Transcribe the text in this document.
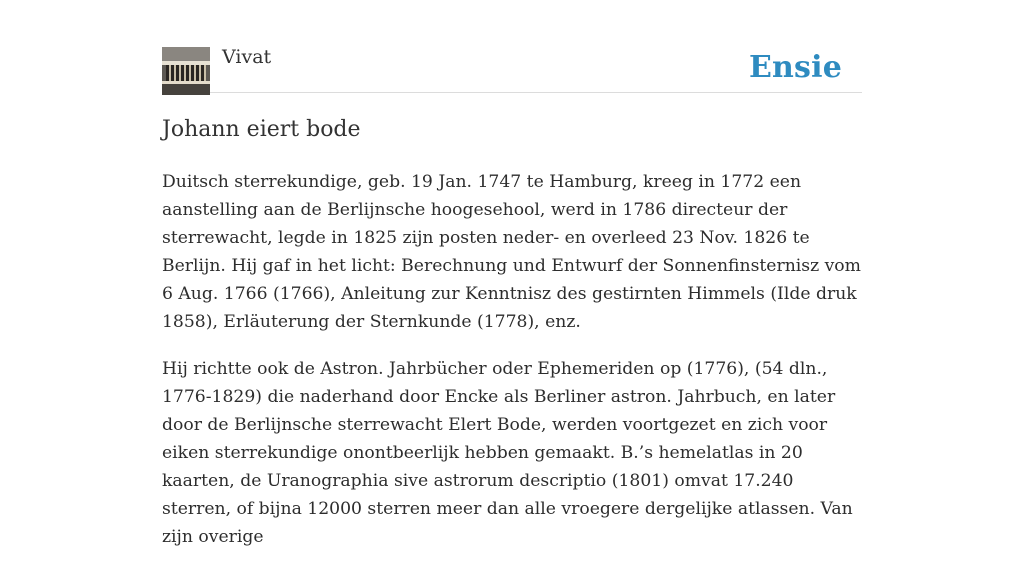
Vivat	Ensie
Johann eiert bode

Duitsch sterrekundige, geb. 19 Jan. 1747 te Hamburg, kreeg in 1772 een aanstelling aan de Berlijnsche hoogesehool, werd in 1786 directeur der sterrewacht, legde in 1825 zijn posten neder- en overleed 23 Nov. 1826 te Berlijn. Hij gaf in het licht: Berechnung und Entwurf der Sonnenfinsternisz vom 6 Aug. 1766 (1766), Anleitung zur Kenntnisz des gestirnten Himmels (Ilde druk 1858), Erläuterung der Sternkunde (1778), enz.

Hij richtte ook de Astron. Jahrbücher oder Ephemeriden op (1776), (54 dln., 1776-1829) die naderhand door Encke als Berliner astron. Jahrbuch, en later door de Berlijnsche sterrewacht Elert Bode, werden voortgezet en zich voor eiken sterrekundige onontbeerlijk hebben gemaakt. B.’s hemelatlas in 20 kaarten, de Uranographia sive astrorum descriptio (1801) omvat 17.240 sterren, of bijna 12000 sterren meer dan alle vroegere dergelijke atlassen. Van zijn overige
